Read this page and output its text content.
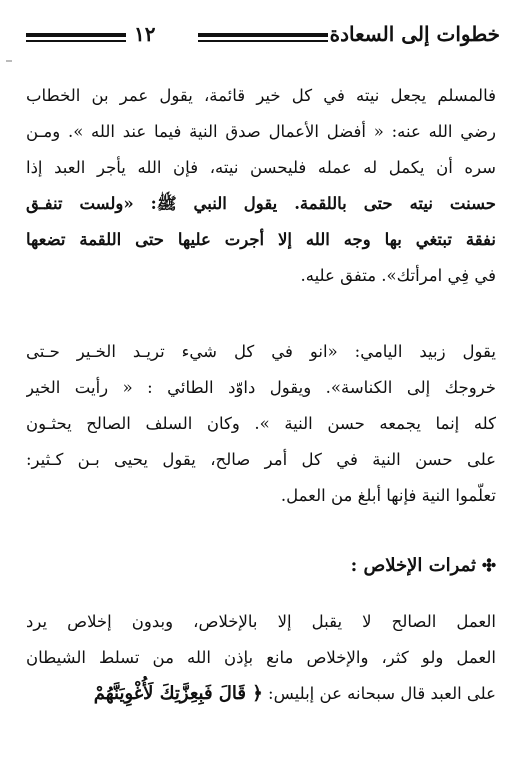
خطوات إلى السعادة
١٢
فالمسلم يجعل نيته في كل خير قائمة، يقول عمر بن الخطاب
رضي الله عنه: « أفضل الأعمال صدق النية فيما عند الله ». ومـن
سره أن يكمل له عمله فليحسن نيته، فإن الله يأجر العبد إذا
حسنت نيته حتى باللقمة. يقول النبي ﷺ: «ولست تنفـق
نفقة تبتغي بها وجه الله إلا أجرت عليها حتى اللقمة تضعها
في فِي امرأتك». متفق عليه.
يقول زبيد اليامي: «انو في كل شيء تريـد الخـير حـتى
خروجك إلى الكناسة». ويقول داوّد الطائي : « رأيت الخير
كله إنما يجمعه حسن النية ». وكان السلف الصالح يحثـون
على حسن النية في كل أمر صالح، يقول يحيى بـن كـثير:
تعلّموا النية فإنها أبلغ من العمل.
ثمرات الإخلاص :
العمل الصالح لا يقبل إلا بالإخلاص، وبدون إخلاص يرد
العمل ولو كثر، والإخلاص مانع بإذن الله من تسلط الشيطان
على العبد قال سبحانه عن إبليس: ﴿ قَالَ فَبِعِزَّتِكَ لَأُغْوِيَنَّهُمْ
